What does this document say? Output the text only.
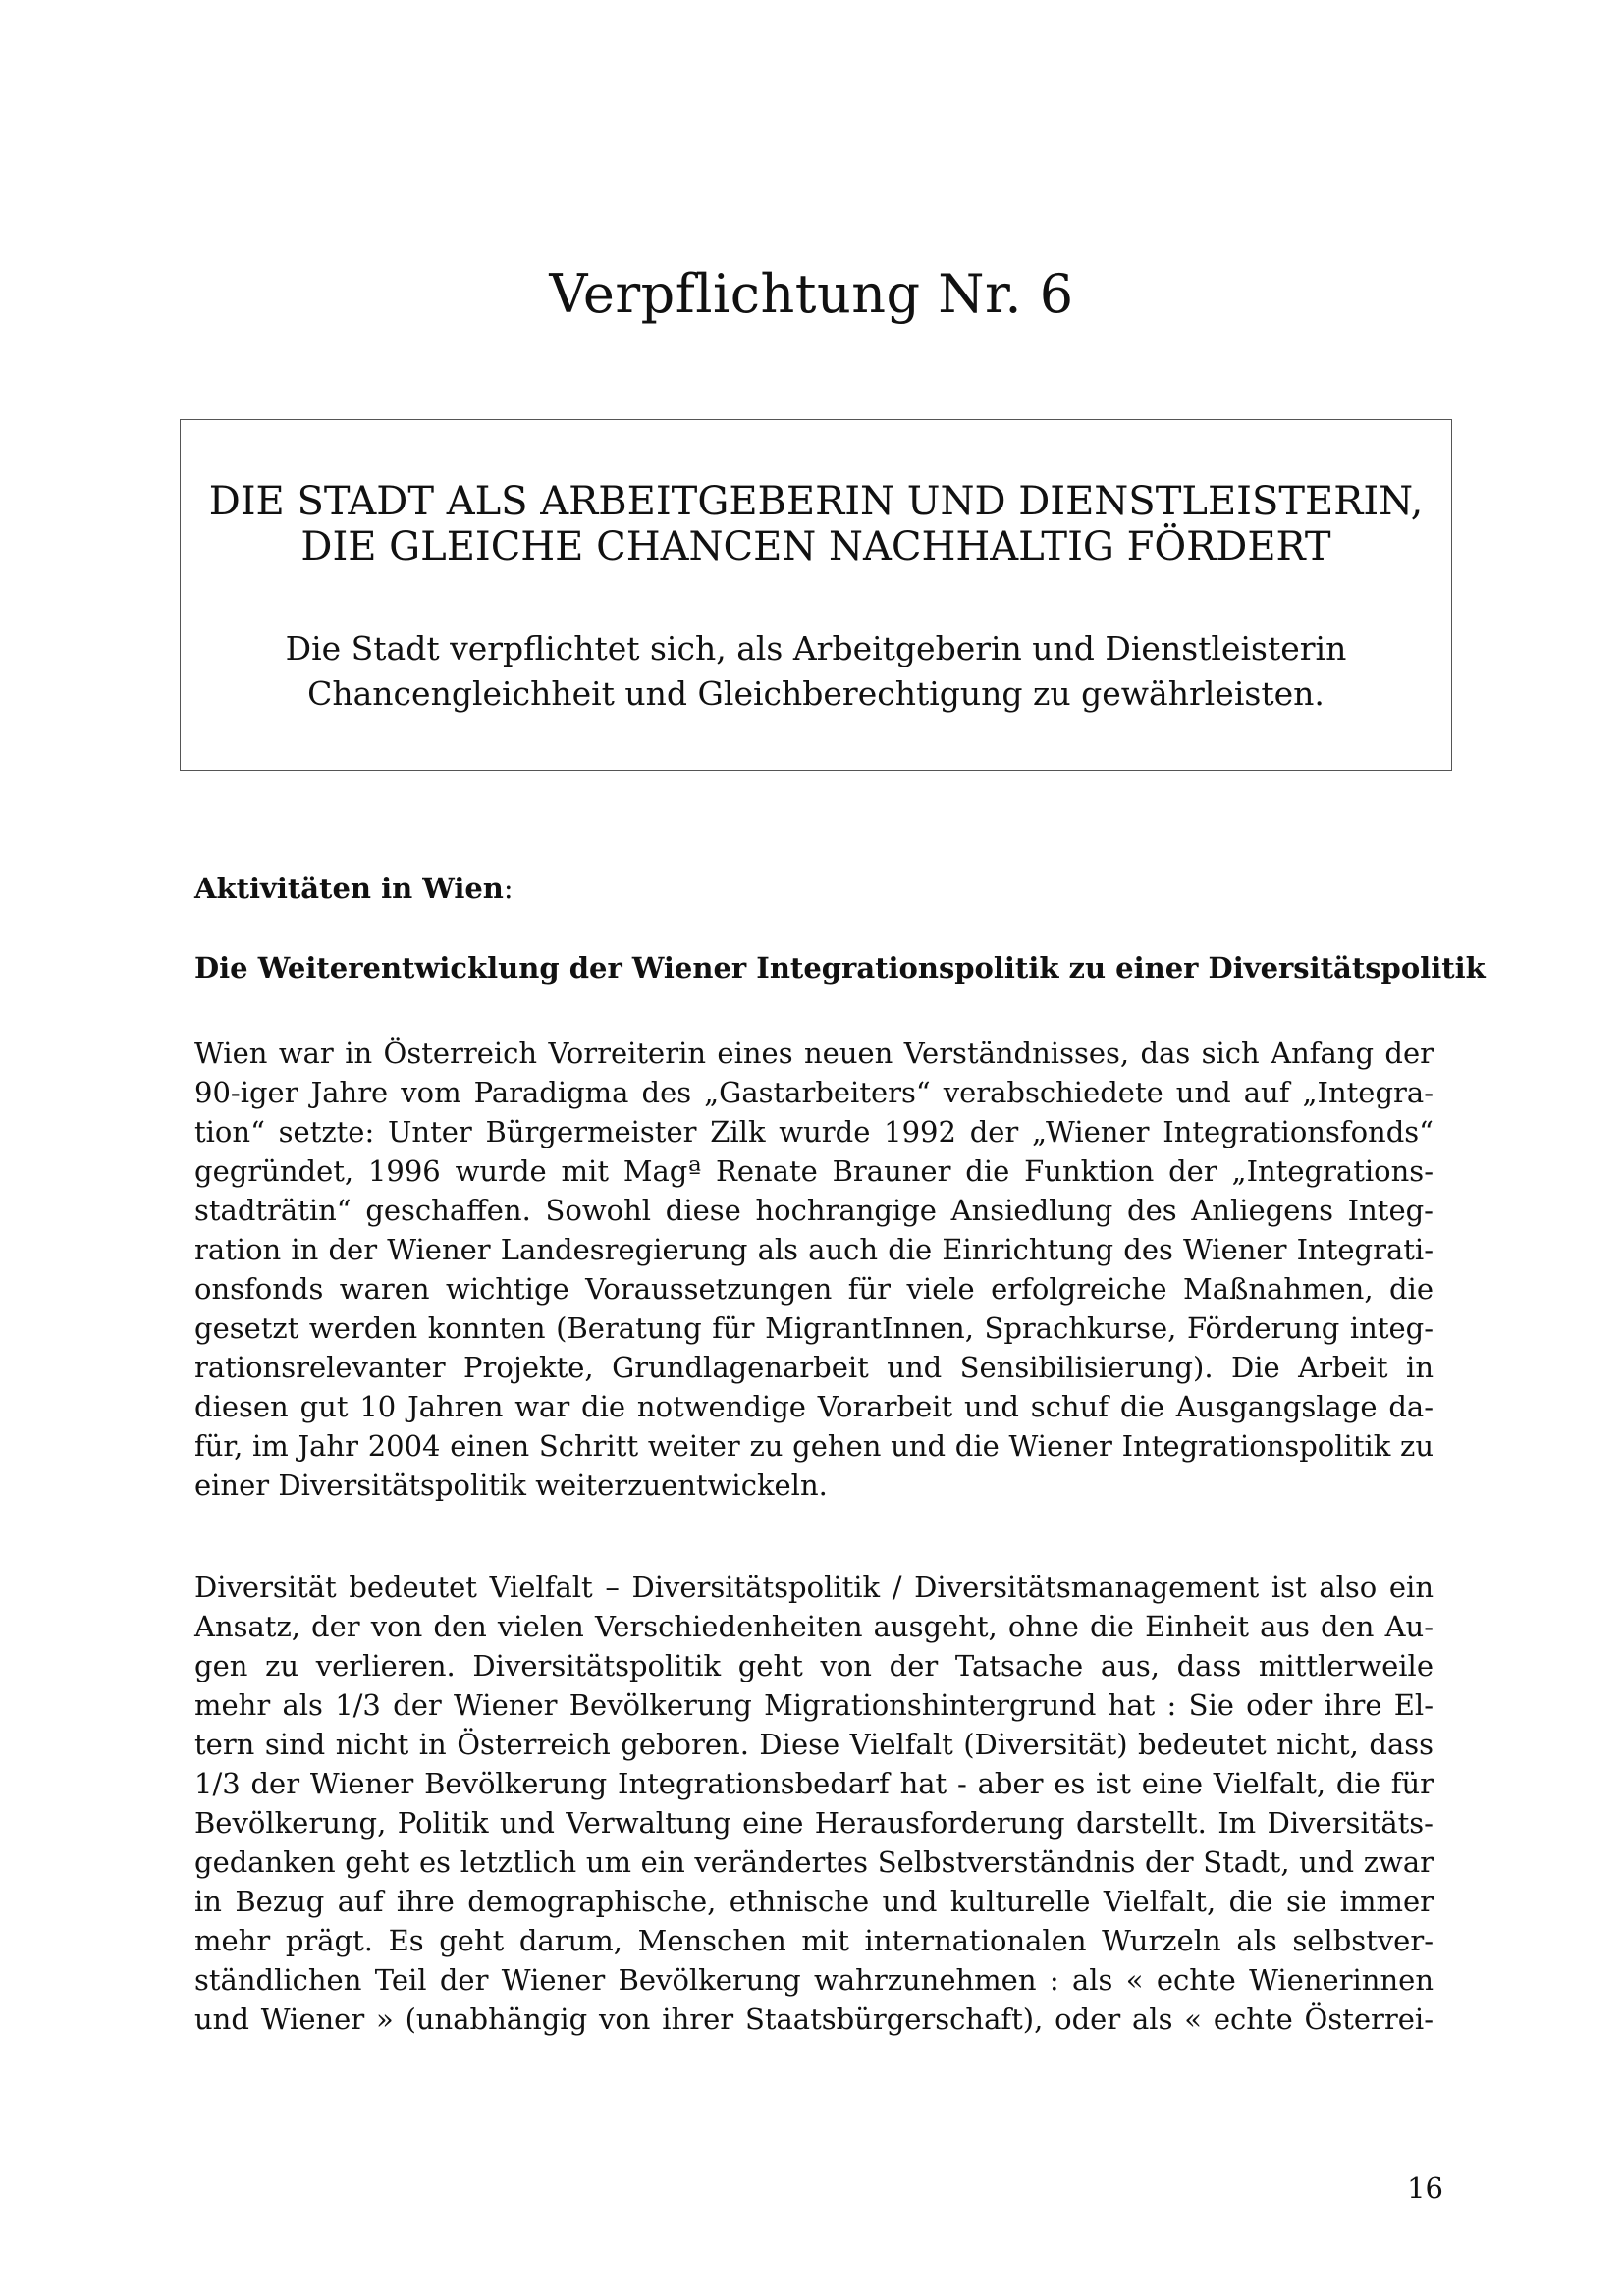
Verpflichtung Nr. 6
DIE STADT ALS ARBEITGEBERIN UND DIENSTLEISTERIN,
DIE GLEICHE CHANCEN NACHHALTIG FÖRDERT

Die Stadt verpflichtet sich, als Arbeitgeberin und Dienstleisterin
Chancengleichheit und Gleichberechtigung zu gewährleisten.

Aktivitäten in Wien:

Die Weiterentwicklung der Wiener Integrationspolitik zu einer Diversitätspolitik

Wien war in Österreich Vorreiterin eines neuen Verständnisses, das sich Anfang der
90-iger Jahre vom Paradigma des „Gastarbeiters“ verabschiedete und auf „Integra-
tion“ setzte: Unter Bürgermeister Zilk wurde 1992 der „Wiener Integrationsfonds“
gegründet, 1996 wurde mit Magª Renate Brauner die Funktion der „Integrations-
stadträtin“ geschaffen. Sowohl diese hochrangige Ansiedlung des Anliegens Integ-
ration in der Wiener Landesregierung als auch die Einrichtung des Wiener Integrati-
onsfonds waren wichtige Voraussetzungen für viele erfolgreiche Maßnahmen, die
gesetzt werden konnten (Beratung für MigrantInnen, Sprachkurse, Förderung integ-
rationsrelevanter Projekte, Grundlagenarbeit und Sensibilisierung). Die Arbeit in
diesen gut 10 Jahren war die notwendige Vorarbeit und schuf die Ausgangslage da-
für, im Jahr 2004 einen Schritt weiter zu gehen und die Wiener Integrationspolitik zu
einer Diversitätspolitik weiterzuentwickeln.

Diversität bedeutet Vielfalt – Diversitätspolitik / Diversitätsmanagement ist also ein
Ansatz, der von den vielen Verschiedenheiten ausgeht, ohne die Einheit aus den Au-
gen zu verlieren. Diversitätspolitik geht von der Tatsache aus, dass mittlerweile
mehr als 1/3 der Wiener Bevölkerung Migrationshintergrund hat : Sie oder ihre El-
tern sind nicht in Österreich geboren. Diese Vielfalt (Diversität) bedeutet nicht, dass
1/3 der Wiener Bevölkerung Integrationsbedarf hat - aber es ist eine Vielfalt, die für
Bevölkerung, Politik und Verwaltung eine Herausforderung darstellt. Im Diversitäts-
gedanken geht es letztlich um ein verändertes Selbstverständnis der Stadt, und zwar
in Bezug auf ihre demographische, ethnische und kulturelle Vielfalt, die sie immer
mehr prägt. Es geht darum, Menschen mit internationalen Wurzeln als selbstver-
ständlichen Teil der Wiener Bevölkerung wahrzunehmen : als « echte Wienerinnen
und Wiener » (unabhängig von ihrer Staatsbürgerschaft), oder als « echte Österrei-

16
